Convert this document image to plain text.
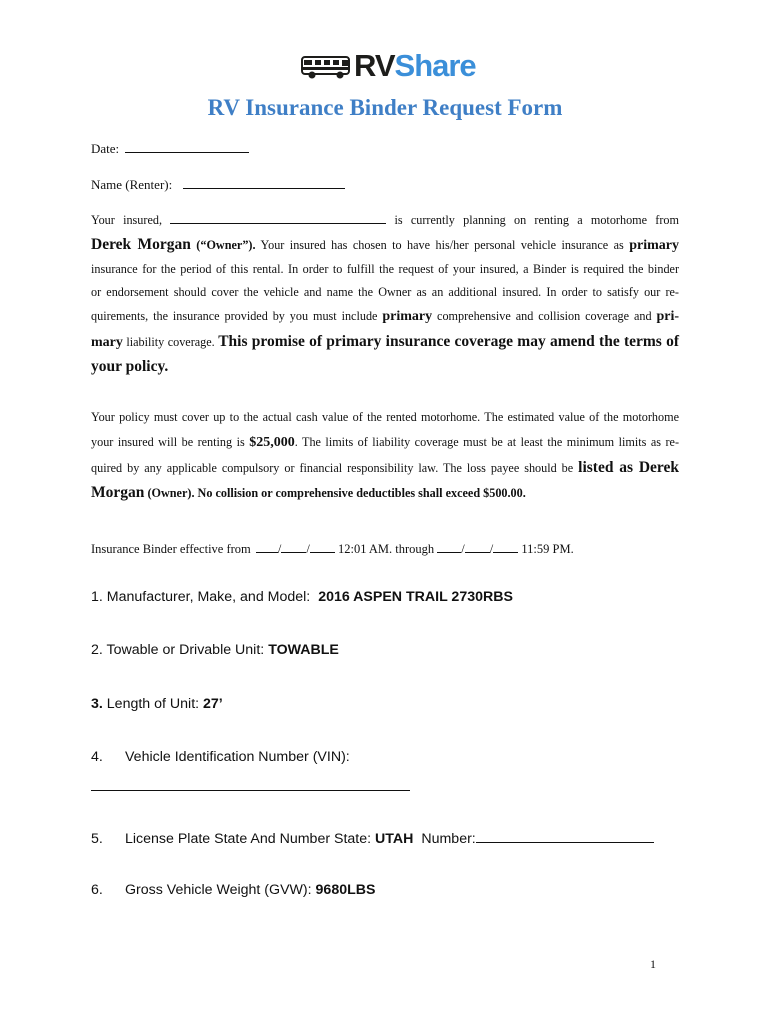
RVShare
RV Insurance Binder Request Form
Date:
Name (Renter):
Your insured,	is currently planning on renting a motorhome from
Derek Morgan (“Owner”). Your insured has chosen to have his/her personal vehicle insurance as primary
insurance for the period of this rental. In order to fulfill the request of your insured, a Binder is required the binder
or endorsement should cover the vehicle and name the Owner as an additional insured. In order to satisfy our re-
quirements, the insurance provided by you must include primary comprehensive and collision coverage and pri-
mary liability coverage. This promise of primary insurance coverage may amend the terms of
your policy.
Your policy must cover up to the actual cash value of the rented motorhome. The estimated value of the motorhome
your insured will be renting is $25,000. The limits of liability coverage must be at least the minimum limits as re-
quired by any applicable compulsory or financial responsibility law. The loss payee should be listed as Derek
Morgan (Owner). No collision or comprehensive deductibles shall exceed $500.00.
Insurance Binder effective from / / 12:01 AM. through / / 11:59 PM.
1. Manufacturer, Make, and Model: 2016 ASPEN TRAIL 2730RBS
2. Towable or Drivable Unit: TOWABLE
3. Length of Unit: 27’
4. Vehicle Identification Number (VIN):
5. License Plate State And Number State: UTAH Number:
6. Gross Vehicle Weight (GVW): 9680LBS
1
